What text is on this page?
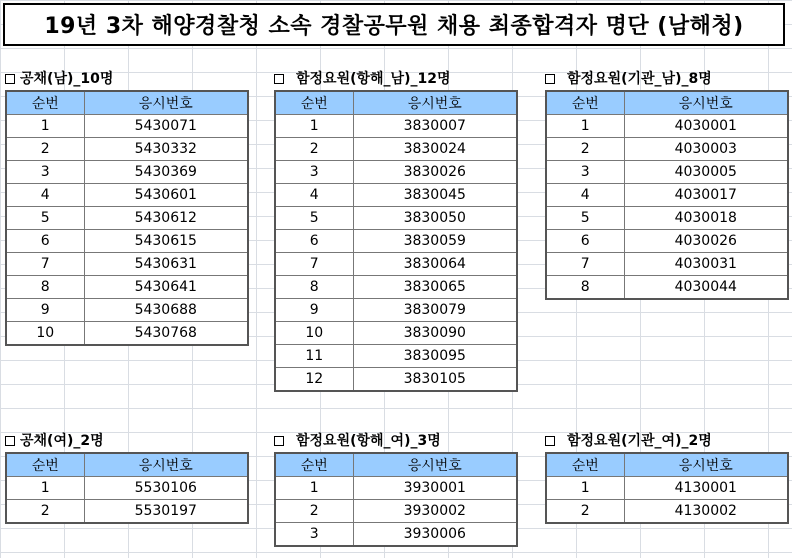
19년 3차 해양경찰청 소속 경찰공무원 채용 최종합격자 명단 (남해청)
공채(남)_10명
순번	응시번호
1	5430071
2	5430332
3	5430369
4	5430601
5	5430612
6	5430615
7	5430631
8	5430641
9	5430688
10	5430768
함정요원(항해_남)_12명
순번	응시번호
1	3830007
2	3830024
3	3830026
4	3830045
5	3830050
6	3830059
7	3830064
8	3830065
9	3830079
10	3830090
11	3830095
12	3830105
함정요원(기관_남)_8명
순번	응시번호
1	4030001
2	4030003
3	4030005
4	4030017
5	4030018
6	4030026
7	4030031
8	4030044
공채(여)_2명
순번	응시번호
1	5530106
2	5530197
함정요원(항해_여)_3명
순번	응시번호
1	3930001
2	3930002
3	3930006
함정요원(기관_여)_2명
순번	응시번호
1	4130001
2	4130002
